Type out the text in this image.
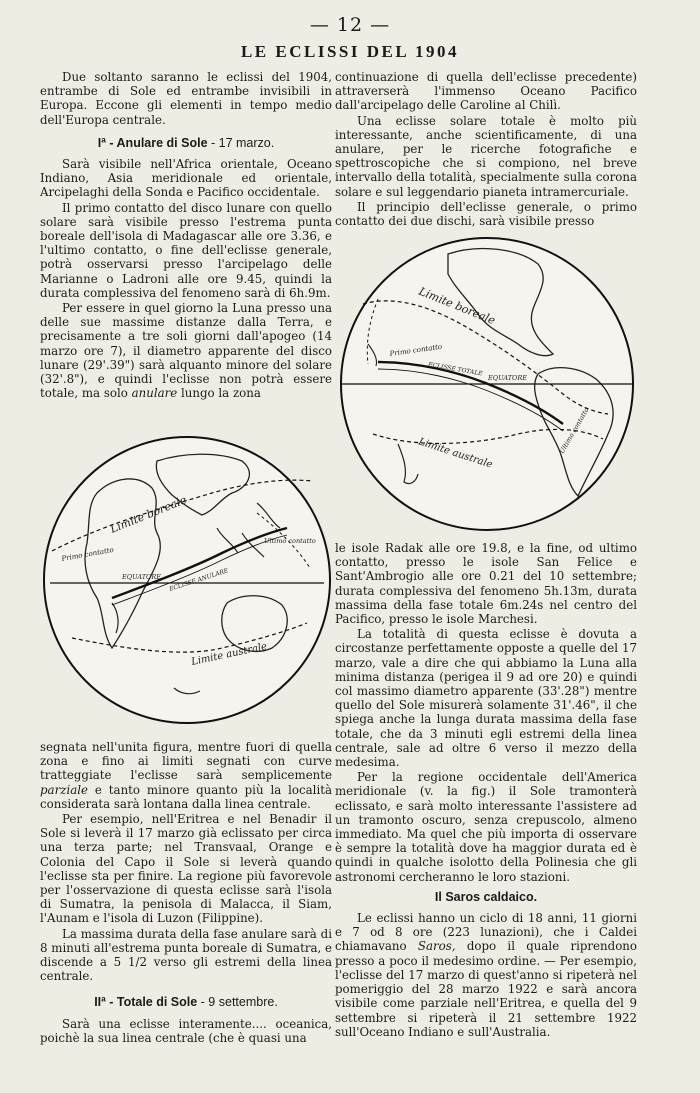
— 12 —
LE ECLISSI DEL 1904

Due soltanto saranno le eclissi del 1904, entrambe di Sole ed entrambe invisibili in Europa. Eccone gli elementi in tempo medio dell'Europa centrale.

Iª - Anulare di Sole - 17 marzo.

Sarà visibile nell'Africa orientale, Oceano Indiano, Asia meridionale ed orientale, Arcipelaghi della Sonda e Pacifico occidentale.

Il primo contatto del disco lunare con quello solare sarà visibile presso l'estrema punta boreale dell'isola di Madagascar alle ore 3.36, e l'ultimo contatto, o fine dell'eclisse generale, potrà osservarsi presso l'arcipelago delle Marianne o Ladroni alle ore 9.45, quindi la durata complessiva del fenomeno sarà di 6h.9m.

Per essere in quel giorno la Luna presso una delle sue massime distanze dalla Terra, e precisamente a tre soli giorni dall'apogeo (14 marzo ore 7), il diametro apparente del disco lunare (29'.39") sarà alquanto minore del solare (32'.8"), e quindi l'eclisse non potrà essere totale, ma solo anulare lungo la zona

Limite boreale
Limite australe
EQUATORE
Primo contatto
Ultimo contatto
ECLISSE ANULARE

segnata nell'unita figura, mentre fuori di quella zona e fino ai limiti segnati con curve tratteggiate l'eclisse sarà semplicemente parziale e tanto minore quanto più la località considerata sarà lontana dalla linea centrale.

Per esempio, nell'Eritrea e nel Benadir il Sole si leverà il 17 marzo già eclissato per circa una terza parte; nel Transvaal, Orange e Colonia del Capo il Sole si leverà quando l'eclisse sta per finire. La regione più favorevole per l'osservazione di questa eclisse sarà l'isola di Sumatra, la penisola di Malacca, il Siam, l'Aunam e l'isola di Luzon (Filippine).

La massima durata della fase anulare sarà di 8 minuti all'estrema punta boreale di Sumatra, e discende a 5 1/2 verso gli estremi della linea centrale.

IIª - Totale di Sole - 9 settembre.

Sarà una eclisse interamente.... oceanica, poichè la sua linea centrale (che è quasi una

continuazione di quella dell'eclisse precedente) attraverserà l'immenso Oceano Pacifico dall'arcipelago delle Caroline al Chilì.

Una eclisse solare totale è molto più interessante, anche scientificamente, di una anulare, per le ricerche fotografiche e spettroscopiche che si compiono, nel breve intervallo della totalità, specialmente sulla corona solare e sul leggendario pianeta intramercuriale.

Il principio dell'eclisse generale, o primo contatto dei due dischi, sarà visibile presso

Limite boreale
Limite australe
EQUATORE
Primo contatto
ECLISSE TOTALE
Ultimo contatto

le isole Radak alle ore 19.8, e la fine, od ultimo contatto, presso le isole San Felice e Sant'Ambrogio alle ore 0.21 del 10 settembre; durata complessiva del fenomeno 5h.13m, durata massima della fase totale 6m.24s nel centro del Pacifico, presso le isole Marchesi.

La totalità di questa eclisse è dovuta a circostanze perfettamente opposte a quelle del 17 marzo, vale a dire che qui abbiamo la Luna alla minima distanza (perigea il 9 ad ore 20) e quindi col massimo diametro apparente (33'.28") mentre quello del Sole misurerà solamente 31'.46", il che spiega anche la lunga durata massima della fase totale, che da 3 minuti egli estremi della linea centrale, sale ad oltre 6 verso il mezzo della medesima.

Per la regione occidentale dell'America meridionale (v. la fig.) il Sole tramonterà eclissato, e sarà molto interessante l'assistere ad un tramonto oscuro, senza crepuscolo, almeno immediato. Ma quel che più importa di osservare è sempre la totalità dove ha maggior durata ed è quindi in qualche isolotto della Polinesia che gli astronomi cercheranno le loro stazioni.

Il Saros caldaico.

Le eclissi hanno un ciclo di 18 anni, 11 giorni e 7 od 8 ore (223 lunazioni), che i Caldei chiamavano Saros, dopo il quale riprendono presso a poco il medesimo ordine. — Per esempio, l'eclisse del 17 marzo di quest'anno si ripeterà nel pomeriggio del 28 marzo 1922 e sarà ancora visibile come parziale nell'Eritrea, e quella del 9 settembre si ripeterà il 21 settembre 1922 sull'Oceano Indiano e sull'Australia.
